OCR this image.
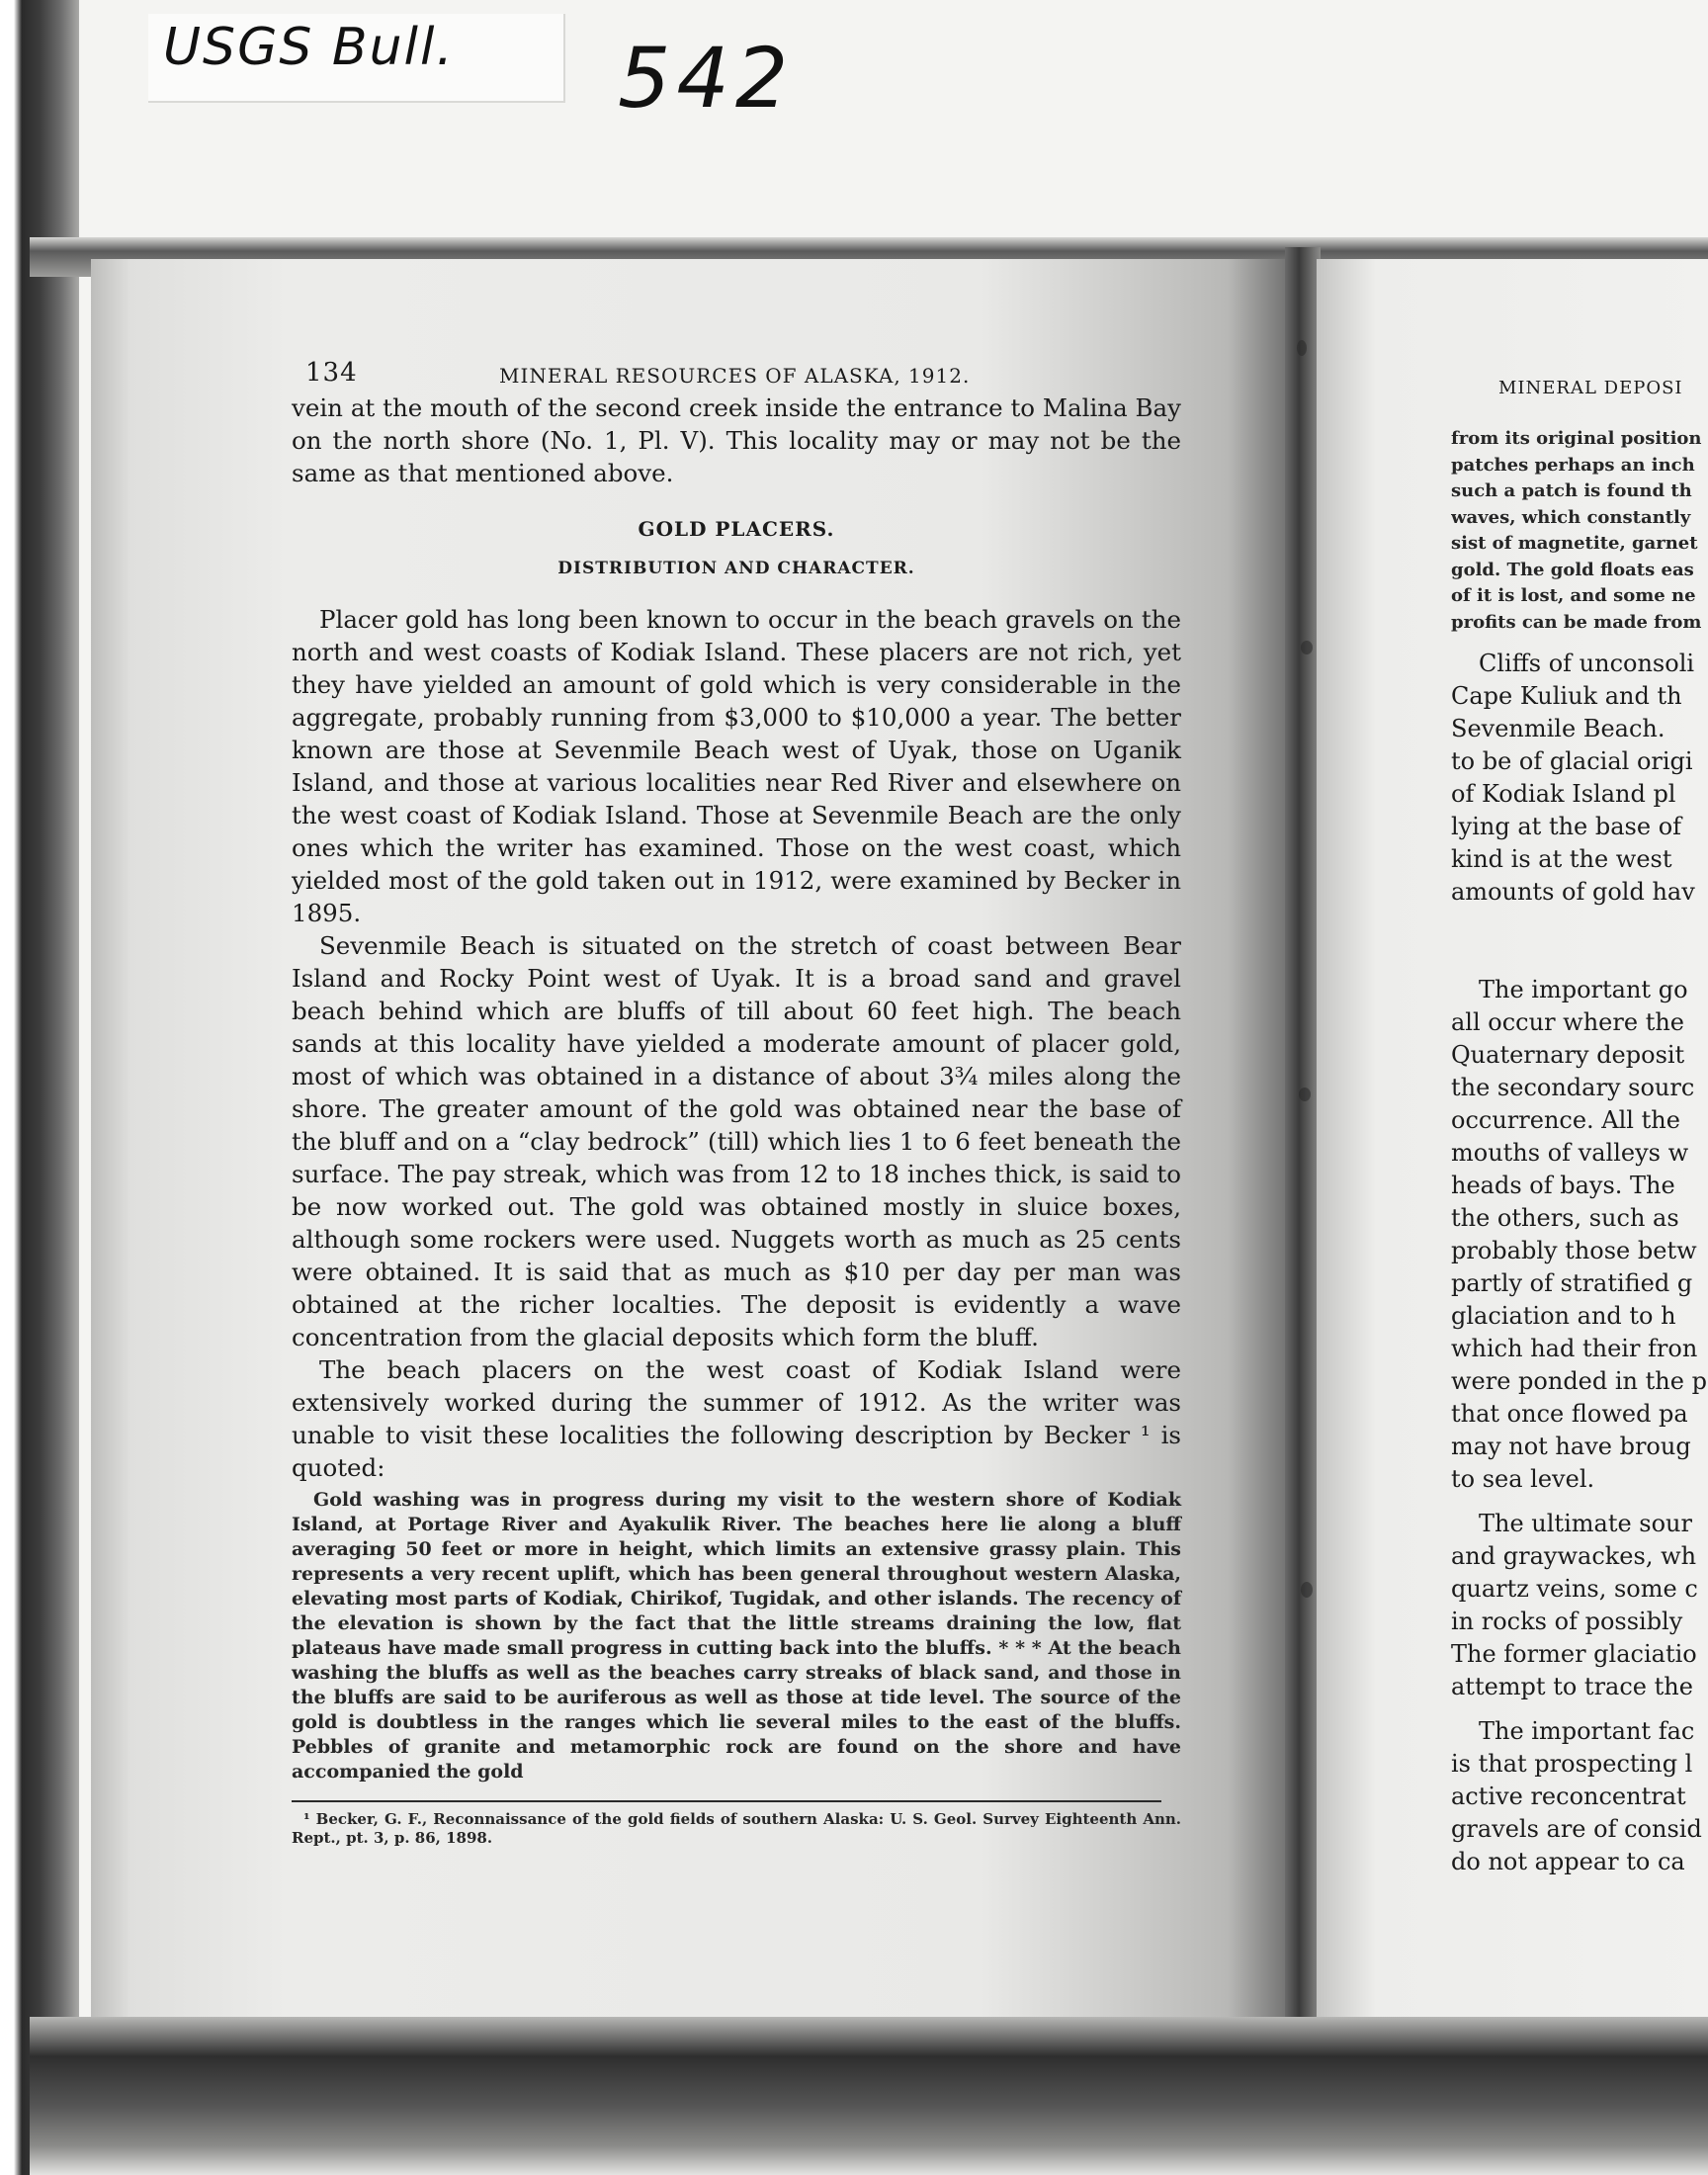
USGS Bull. 542
134	MINERAL RESOURCES OF ALASKA, 1912.

vein at the mouth of the second creek inside the entrance to Malina Bay on the north shore (No. 1, Pl. V). This locality may or may not be the same as that mentioned above.

GOLD PLACERS.
DISTRIBUTION AND CHARACTER.

Placer gold has long been known to occur in the beach gravels on the north and west coasts of Kodiak Island. These placers are not rich, yet they have yielded an amount of gold which is very considerable in the aggregate, probably running from $3,000 to $10,000 a year. The better known are those at Sevenmile Beach west of Uyak, those on Uganik Island, and those at various localities near Red River and elsewhere on the west coast of Kodiak Island. Those at Sevenmile Beach are the only ones which the writer has examined. Those on the west coast, which yielded most of the gold taken out in 1912, were examined by Becker in 1895.

Sevenmile Beach is situated on the stretch of coast between Bear Island and Rocky Point west of Uyak. It is a broad sand and gravel beach behind which are bluffs of till about 60 feet high. The beach sands at this locality have yielded a moderate amount of placer gold, most of which was obtained in a distance of about 3¾ miles along the shore. The greater amount of the gold was obtained near the base of the bluff and on a “clay bedrock” (till) which lies 1 to 6 feet beneath the surface. The pay streak, which was from 12 to 18 inches thick, is said to be now worked out. The gold was obtained mostly in sluice boxes, although some rockers were used. Nuggets worth as much as 25 cents were obtained. It is said that as much as $10 per day per man was obtained at the richer localties. The deposit is evidently a wave concentration from the glacial deposits which form the bluff.

The beach placers on the west coast of Kodiak Island were extensively worked during the summer of 1912. As the writer was unable to visit these localities the following description by Becker ¹ is quoted:

Gold washing was in progress during my visit to the western shore of Kodiak Island, at Portage River and Ayakulik River. The beaches here lie along a bluff averaging 50 feet or more in height, which limits an extensive grassy plain. This represents a very recent uplift, which has been general throughout western Alaska, elevating most parts of Kodiak, Chirikof, Tugidak, and other islands. The recency of the elevation is shown by the fact that the little streams draining the low, flat plateaus have made small progress in cutting back into the bluffs. * * * At the beach washing the bluffs as well as the beaches carry streaks of black sand, and those in the bluffs are said to be auriferous as well as those at tide level. The source of the gold is doubtless in the ranges which lie several miles to the east of the bluffs. Pebbles of granite and metamorphic rock are found on the shore and have accompanied the gold

¹ Becker, G. F., Reconnaissance of the gold fields of southern Alaska: U. S. Geol. Survey Eighteenth Ann. Rept., pt. 3, p. 86, 1898.

MINERAL DEPOSI
from its original position
patches perhaps an inch
such a patch is found th
waves, which constantly
sist of magnetite, garnet
gold. The gold floats eas
of it is lost, and some ne
profits can be made from
Cliffs of unconsoli
Cape Kuliuk and th
Sevenmile Beach.
to be of glacial origi
of Kodiak Island pl
lying at the base of
kind is at the west
amounts of gold hav
The important go
all occur where the
Quaternary deposit
the secondary sourc
occurrence. All the
mouths of valleys w
heads of bays. The
the others, such as
probably those betw
partly of stratified g
glaciation and to h
which had their fron
were ponded in the p
that once flowed pa
may not have broug
to sea level.
The ultimate sour
and graywackes, wh
quartz veins, some c
in rocks of possibly
The former glaciatio
attempt to trace the
The important fac
is that prospecting l
active reconcentrat
gravels are of consid
do not appear to ca
